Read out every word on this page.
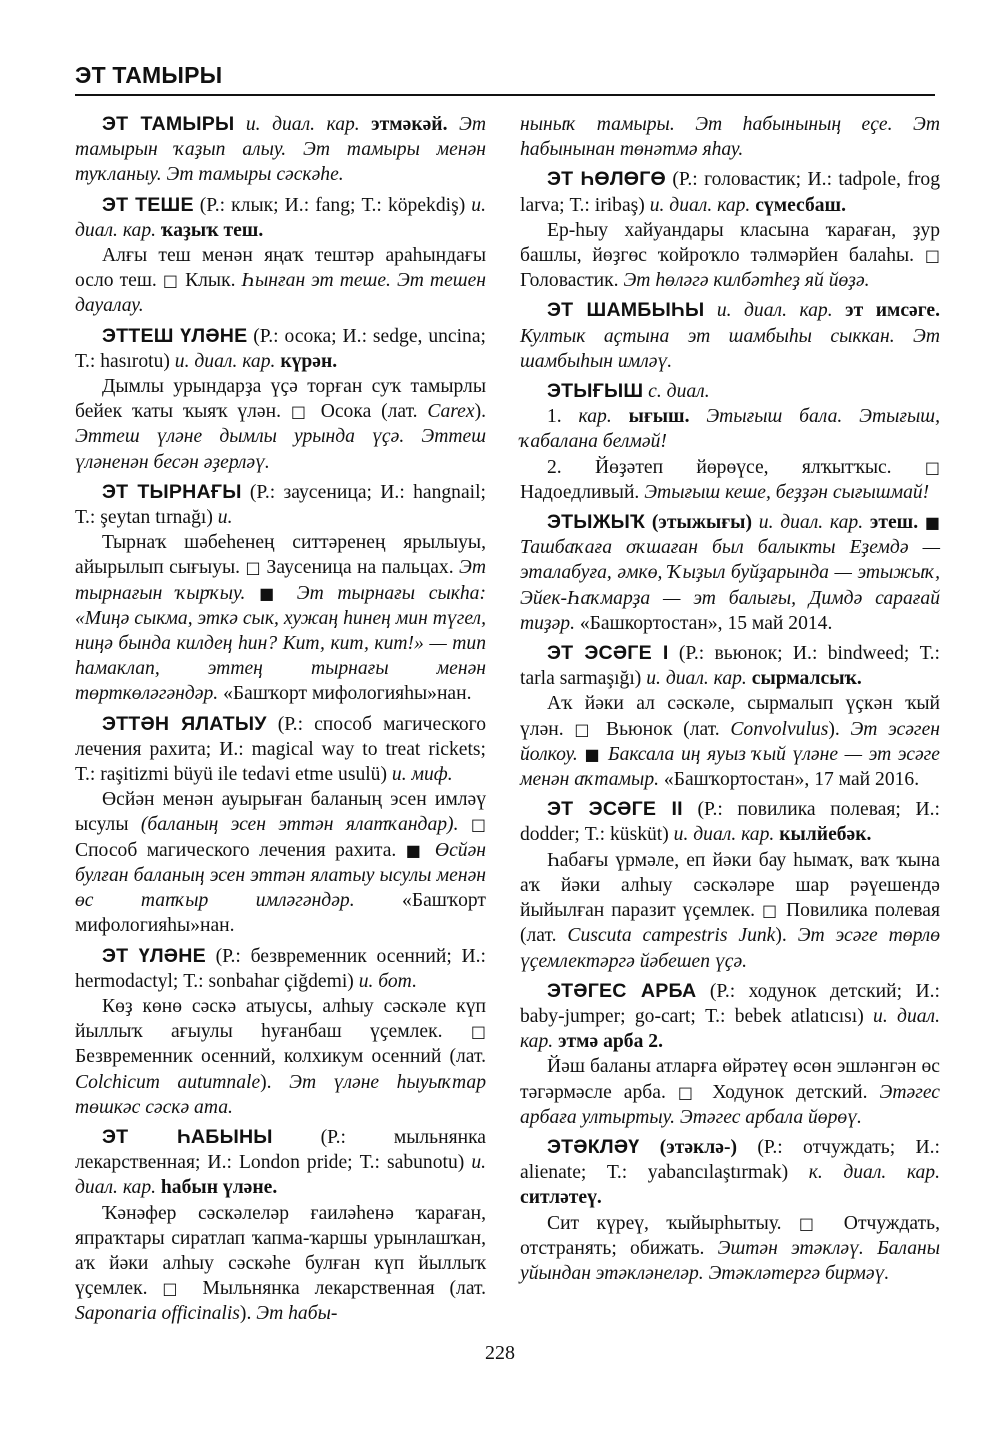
ЭТ ТАМЫРЫ

ЭТ ТАМЫРЫ и. диал. кар. этмәкәй. Эт тамырын ҡаҙып алыу. Эт тамыры менән туҡланыу. Эт тамыры сәскәһе.

ЭТ ТЕШЕ (Р.: клык; И.: fang; Т.: köpekdiş) и. диал. кар. ҡаҙыҡ теш.

Алғы теш менән яңаҡ тештәр араһындағы осло теш. □ Клык. Һынған эт теше. Эт тешен дауалау.

ЭТТЕШ ҮЛӘНЕ (Р.: осока; И.: sedge, uncina; Т.: hasırotu) и. диал. кар. күрән.

Дымлы урындарҙа үҫә торған суҡ тамырлы бейек ҡаты ҡыяҡ үлән. □ Осока (лат. Carex). Эттеш үләне дымлы урында үҫә. Эттеш үләненән бесән әҙерләү.

ЭТ ТЫРНАҒЫ (Р.: заусеница; И.: hangnail; Т.: şeytan tırnağı) и.

Тырнаҡ шәбеһенең ситтәренең ярылыуы, айырылып сығыуы. □ Заусеница на пальцах. Эт тырнағын ҡырҡыу. ■ Эт тырнағы сыкһа: «Миңә сыкма, эткә сык, хужаң һинең мин түгел, ниңә бында килдең һин? Кит, кит, кит!» — тип һамаклап, эттең тырнағы менән төрткөләгәндәр. «Башҡорт мифологияһы»нан.

ЭТТӘН ЯЛАТЫУ (Р.: способ магического лечения рахита; И.: magical way to treat rickets; Т.: raşitizmi büyü ile tedavi etme usulü) и. миф.

Өсйән менән ауырыған баланың эсен имләү ысулы (баланың эсен эттән ялатҡандар). □ Способ магического лечения рахита. ■ Өсйән булған баланың эсен эттән ялатыу ысулы менән өс тапҡыр имләгәндәр. «Башҡорт мифологияһы»нан.

ЭТ ҮЛӘНЕ (Р.: безвременник осенний; И.: hermodactyl; Т.: sonbahar çiğdemi) и. бот.

Көҙ көнө сәскә атыусы, алһыу сәскәле күп йыллыҡ ағыулы һуғанбаш үҫемлек. □ Безвременник осенний, колхикум осенний (лат. Colchicum autumnale). Эт үләне һыуыҡтар төшкәс сәскә ата.

ЭТ ҺАБЫНЫ (Р.: мыльнянка лекарственная; И.: London pride; Т.: sabunotu) и. диал. кар. һабын үләне.

Ҡәнәфер сәскәлеләр ғаиләһенә ҡараған, япраҡтары сиратлап ҡапма-ҡаршы урынлашҡан, аҡ йәки алһыу сәскәһе булған күп йыллыҡ үҫемлек. □ Мыльнянка лекарственная (лат. Saponaria officinalis). Эт һабы-

ныныҡ тамыры. Эт һабынының еҫе. Эт һабынынан төнәтмә яһау.

ЭТ ҺӨЛӨГӨ (Р.: головастик; И.: tadpole, frog larva; Т.: iribaş) и. диал. кар. сүмесбаш.

Ер-һыу хайуандары класына ҡараған, ҙур башлы, йөҙгөс ҡойроҡло тәлмәрйен балаһы. □ Головастик. Эт һөләгә килбәтһеҙ яй йөҙә.

ЭТ ШАМБЫҺЫ и. диал. кар. эт имсәге. Култык аҫтына эт шамбыһы сыккан. Эт шамбыһын имләү.

ЭТЫҒЫШ с. диал.

1. кар. ығыш. Этығыш бала. Этығыш, ҡабалана белмәй!

2. Йөҙәтеп йөрөүсе, ялҡытҡыс. □ Надоедливый. Этығыш кеше, беҙҙән сығышмай!

ЭТЫЖЫҠ (этыжығы) и. диал. кар. этеш. ■ Ташбаҡаға оҡшаған был балыкты Еҙемдә — эталабуға, әмкө, Ҡыҙыл буйҙарында — этыжыҡ, Эйек-Һаҡмарҙа — эт балығы, Димдә сарағай тиҙәр. «Башкортостан», 15 май 2014.

ЭТ ЭСӘГЕ I (Р.: вьюнок; И.: bindweed; Т.: tarla sarmaşığı) и. диал. кар. сырмалсыҡ.

Аҡ йәки ал сәскәле, сырмалып үҫкән ҡый үлән. □ Вьюнок (лат. Convolvulus). Эт эсәген йолкоу. ■ Баксала иң яуыз ҡый үләне — эт эсәге менән аҡтамыр. «Башҡортостан», 17 май 2016.

ЭТ ЭСӘГЕ II (Р.: повилика полевая; И.: dodder; Т.: küsküt) и. диал. кар. кылйебәк.

Һабағы үрмәле, еп йәки бау һымаҡ, ваҡ ҡына аҡ йәки алһыу сәскәләре шар рәүешендә йыйылған паразит үҫемлек. □ Повилика полевая (лат. Cuscuta campestris Junk). Эт эсәге төрлө үҫемлектәргә йәбешеп үҫә.

ЭТӘГЕС АРБА (Р.: ходунок детский; И.: baby-jumper; go-cart; Т.: bebek atlatıcısı) и. диал. кар. этмә арба 2.

Йәш баланы атларға өйрәтеү өсөн эшләнгән өс тәгәрмәсле арба. □ Ходунок детский. Этәгес арбаға ултыртыу. Этәгес арбала йөрөү.

ЭТӘКЛӘҮ (этәклә-) (Р.: отчуждать; И.: alienate; Т.: yabancılaştırmak) к. диал. кар. ситләтеү.

Сит күреү, ҡыйырһытыу. □ Отчуждать, отстранять; обижать. Эштән этәкләү. Баланы уйындан этәкләнеләр. Этәкләтергә бирмәү.

228
